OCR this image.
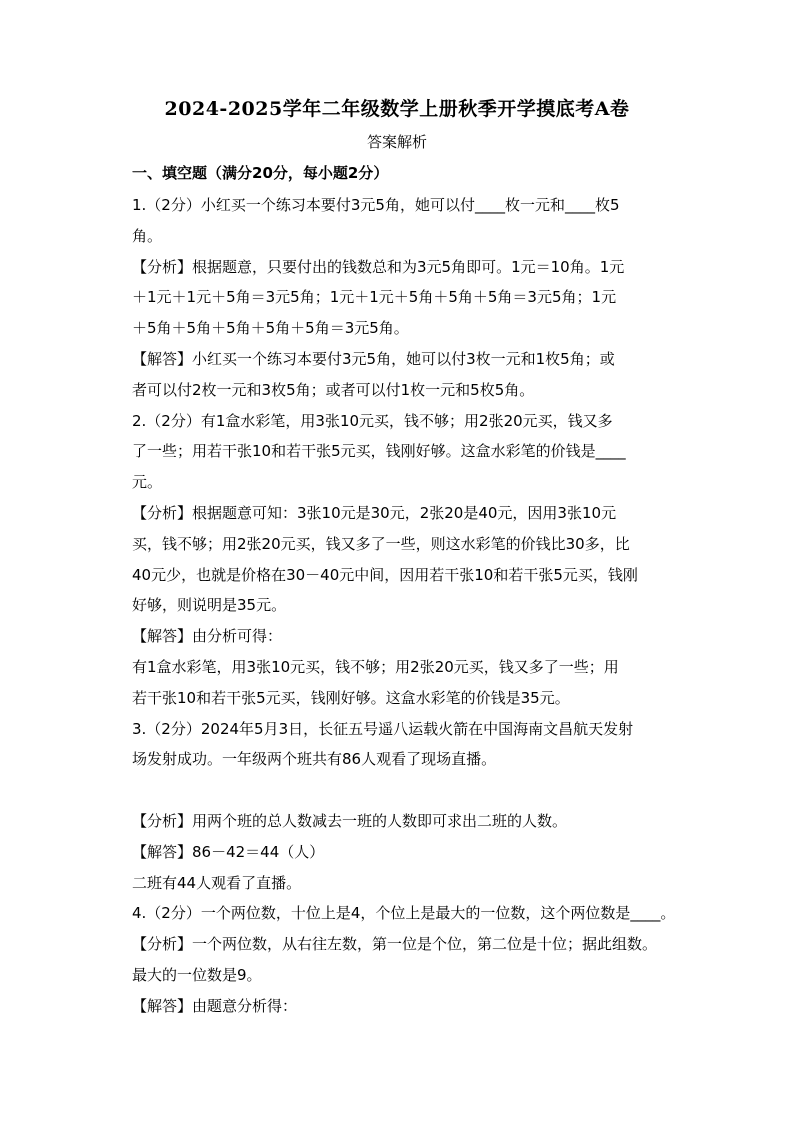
2024-2025学年二年级数学上册秋季开学摸底考A卷
答案解析
一、填空题（满分20分，每小题2分）

1.（2分）小红买一个练习本要付3元5角，她可以付____枚一元和____枚5

角。

【分析】根据题意，只要付出的钱数总和为3元5角即可。1元＝10角。1元

＋1元＋1元＋5角＝3元5角；1元＋1元＋5角＋5角＋5角＝3元5角；1元

＋5角＋5角＋5角＋5角＋5角＝3元5角。

【解答】小红买一个练习本要付3元5角，她可以付3枚一元和1枚5角；或

者可以付2枚一元和3枚5角；或者可以付1枚一元和5枚5角。

2.（2分）有1盒水彩笔，用3张10元买，钱不够；用2张20元买，钱又多

了一些；用若干张10和若干张5元买，钱刚好够。这盒水彩笔的价钱是____

元。

【分析】根据题意可知：3张10元是30元，2张20是40元，因用3张10元

买，钱不够；用2张20元买，钱又多了一些，则这水彩笔的价钱比30多，比

40元少，也就是价格在30－40元中间，因用若干张10和若干张5元买，钱刚

好够，则说明是35元。

【解答】由分析可得：

有1盒水彩笔，用3张10元买，钱不够；用2张20元买，钱又多了一些；用

若干张10和若干张5元买，钱刚好够。这盒水彩笔的价钱是35元。

3.（2分）2024年5月3日，长征五号遥八运载火箭在中国海南文昌航天发射

场发射成功。一年级两个班共有86人观看了现场直播。

【分析】用两个班的总人数减去一班的人数即可求出二班的人数。

【解答】86－42＝44（人）

二班有44人观看了直播。

4.（2分）一个两位数，十位上是4，个位上是最大的一位数，这个两位数是____。

【分析】一个两位数，从右往左数，第一位是个位，第二位是十位；据此组数。

最大的一位数是9。

【解答】由题意分析得：
